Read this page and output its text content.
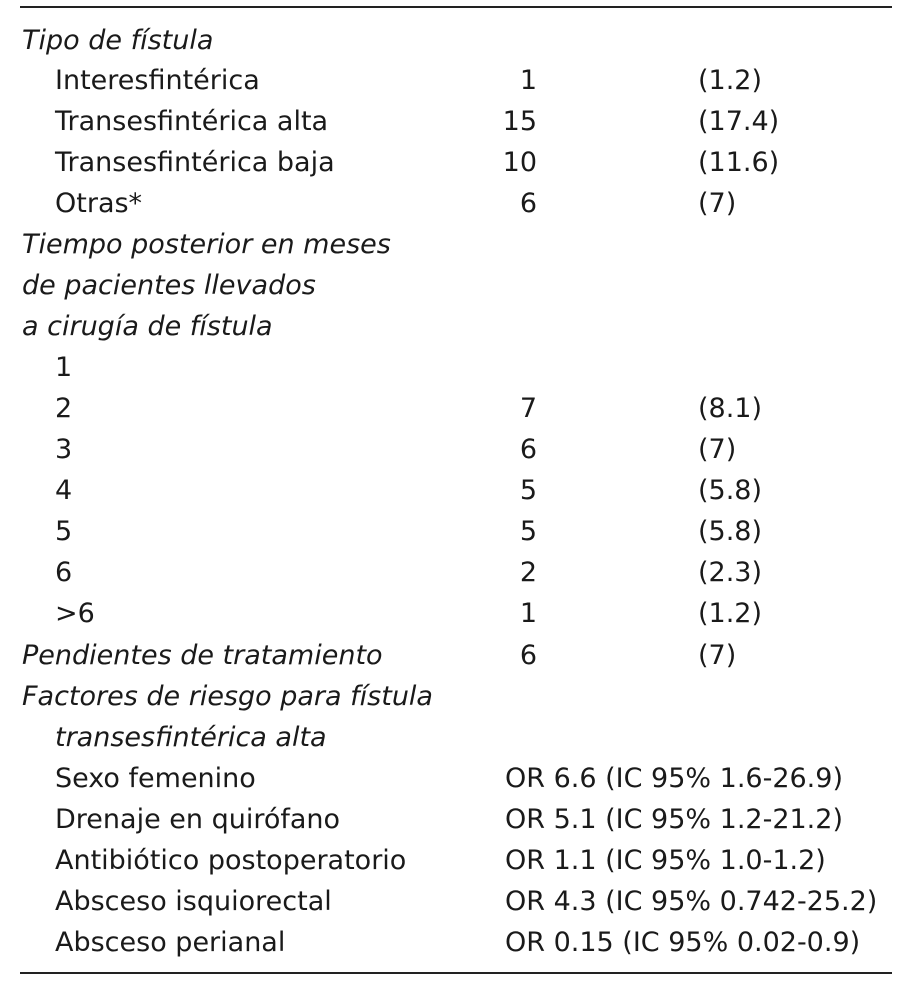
Tipo de fístula
Interesfintérica	1	(1.2)
Transesfintérica alta	15	(17.4)
Transesfintérica baja	10	(11.6)
Otras*	6	(7)
Tiempo posterior en meses
de pacientes llevados
a cirugía de fístula
1
2	7	(8.1)
3	6	(7)
4	5	(5.8)
5	5	(5.8)
6	2	(2.3)
>6	1	(1.2)
Pendientes de tratamiento	6	(7)
Factores de riesgo para fístula
transesfintérica alta
Sexo femenino	OR 6.6 (IC 95% 1.6-26.9)
Drenaje en quirófano	OR 5.1 (IC 95% 1.2-21.2)
Antibiótico postoperatorio	OR 1.1 (IC 95% 1.0-1.2)
Absceso isquiorectal	OR 4.3 (IC 95% 0.742-25.2)
Absceso perianal	OR 0.15 (IC 95% 0.02-0.9)
